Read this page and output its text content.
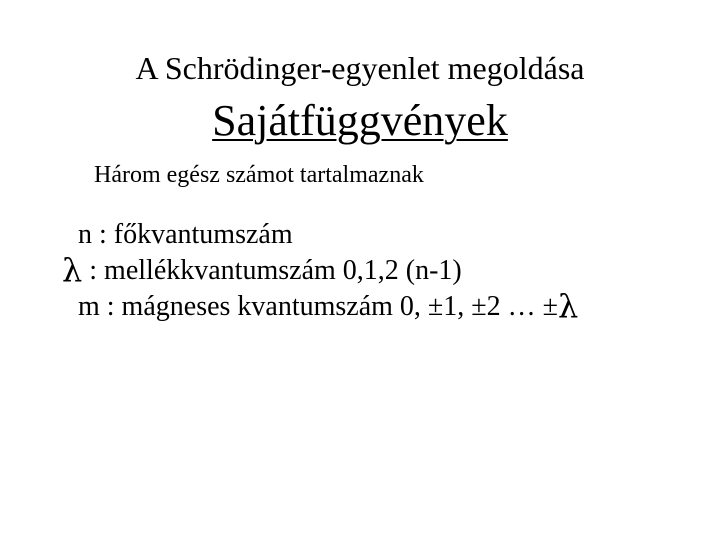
A Schrödinger-egyenlet megoldása
Sajátfüggvények
Három egész számot tartalmaznak
n : főkvantumszám
λ : mellékkvantumszám 0,1,2 (n-1)
m : mágneses kvantumszám 0, ±1, ±2 … ±λ
